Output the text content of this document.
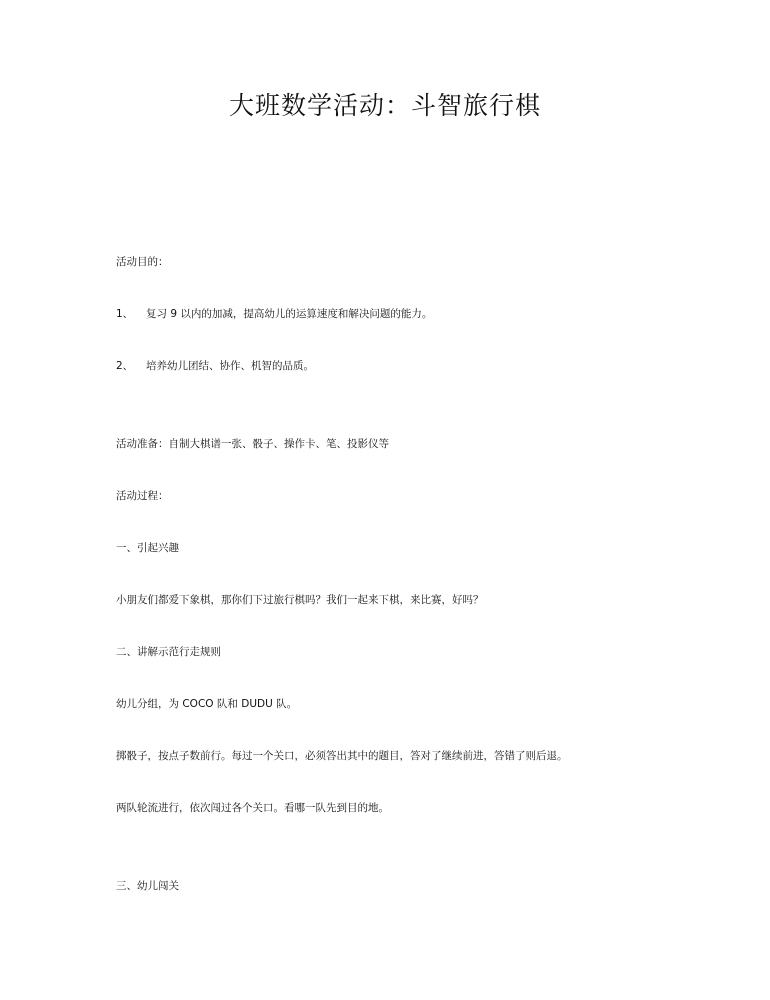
大班数学活动：斗智旅行棋
活动目的：
1、 复习 9 以内的加减，提高幼儿的运算速度和解决问题的能力。
2、 培养幼儿团结、协作、机智的品质。
活动准备：自制大棋谱一张、骰子、操作卡、笔、投影仪等
活动过程：
一、引起兴趣
小朋友们都爱下象棋，那你们下过旅行棋吗？我们一起来下棋，来比赛，好吗？
二、讲解示范行走规则
幼儿分组，为 COCO 队和 DUDU 队。
掷骰子，按点子数前行。每过一个关口，必须答出其中的题目，答对了继续前进，答错了则后退。
两队轮流进行，依次闯过各个关口。看哪一队先到目的地。
三、幼儿闯关
